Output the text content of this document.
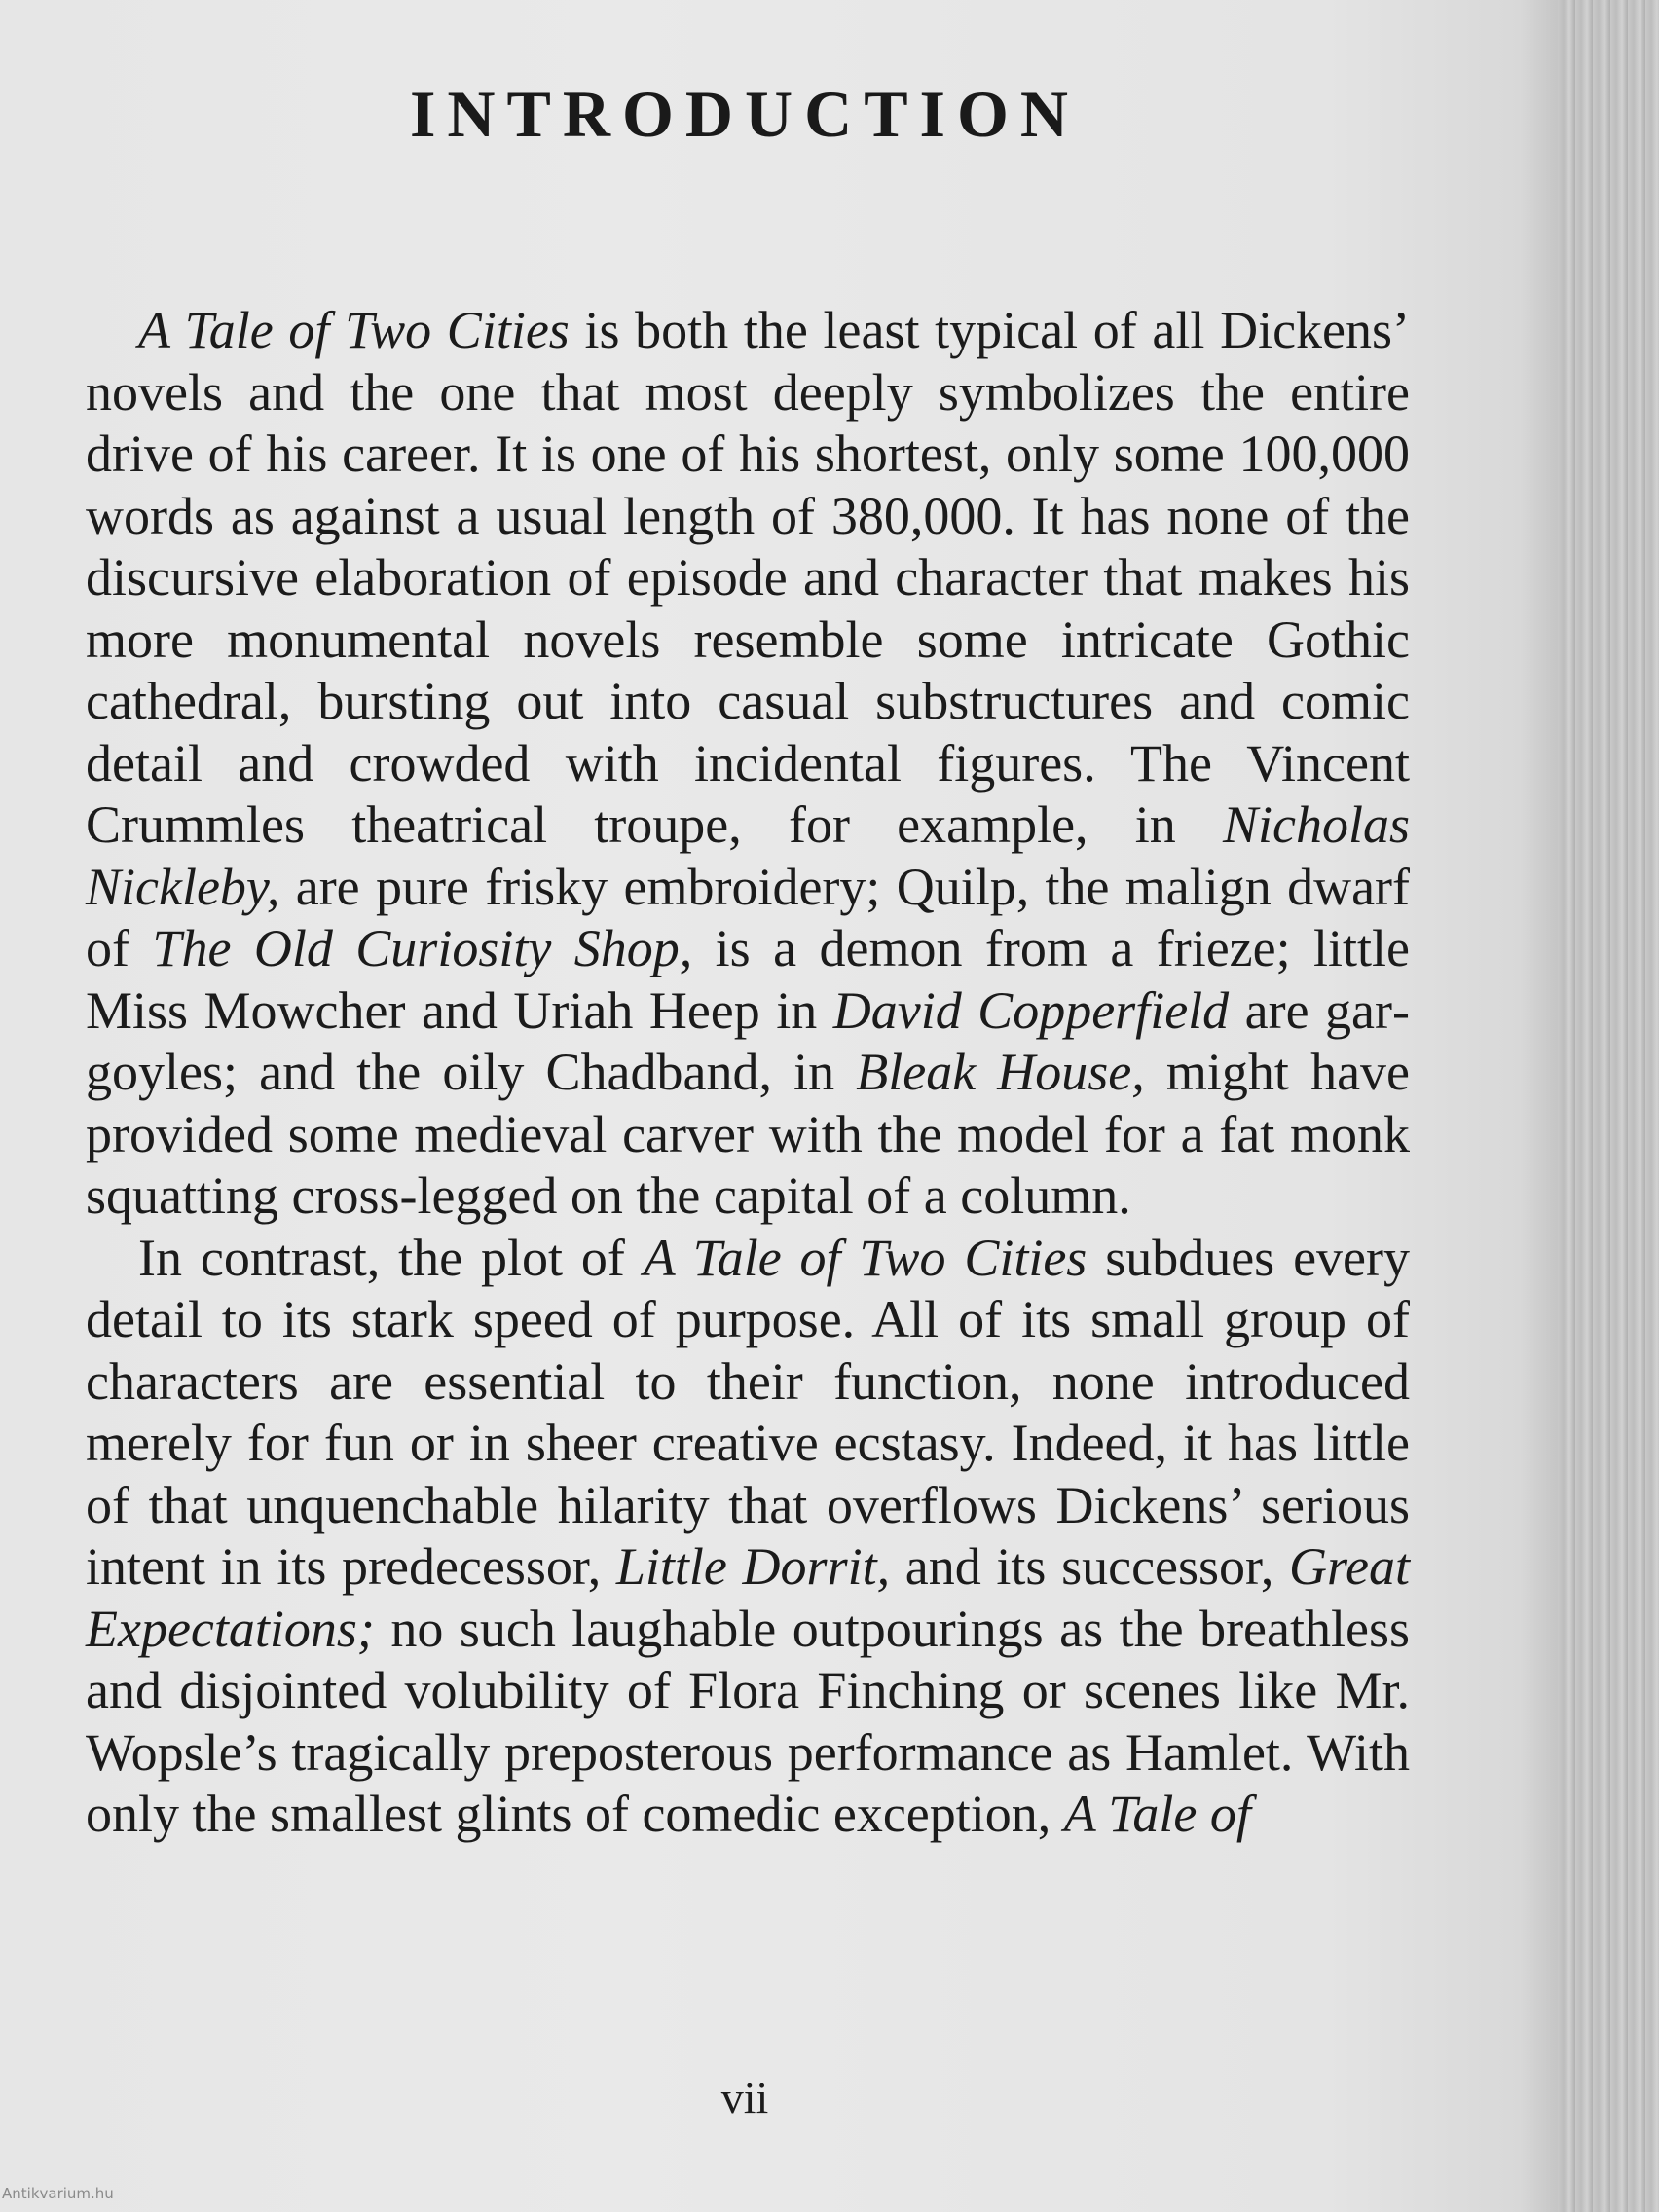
INTRODUCTION

A Tale of Two Cities is both the least typical of all Dickens’ novels and the one that most deeply symbolizes the entire drive of his career. It is one of his shortest, only some 100,000 words as against a usual length of 380,000. It has none of the discursive elaboration of episode and character that makes his more monumental novels resemble some intricate Gothic cathedral, bursting out into casual substructures and comic detail and crowded with incidental figures. The Vincent Crummles theatrical troupe, for example, in Nicholas Nickleby, are pure frisky embroidery; Quilp, the malign dwarf of The Old Curiosity Shop, is a demon from a frieze; little Miss Mowcher and Uriah Heep in David Copperfield are gargoyles; and the oily Chadband, in Bleak House, might have provided some medieval carver with the model for a fat monk squatting cross-legged on the capital of a column.

In contrast, the plot of A Tale of Two Cities subdues every detail to its stark speed of purpose. All of its small group of characters are essential to their function, none introduced merely for fun or in sheer creative ecstasy. Indeed, it has little of that unquenchable hilarity that overflows Dickens’ serious intent in its predecessor, Little Dorrit, and its successor, Great Expectations; no such laughable outpourings as the breathless and disjointed volubility of Flora Finching or scenes like Mr. Wopsle’s tragically preposterous performance as Hamlet. With only the smallest glints of comedic exception, A Tale of

vii
Antikvarium.hu
